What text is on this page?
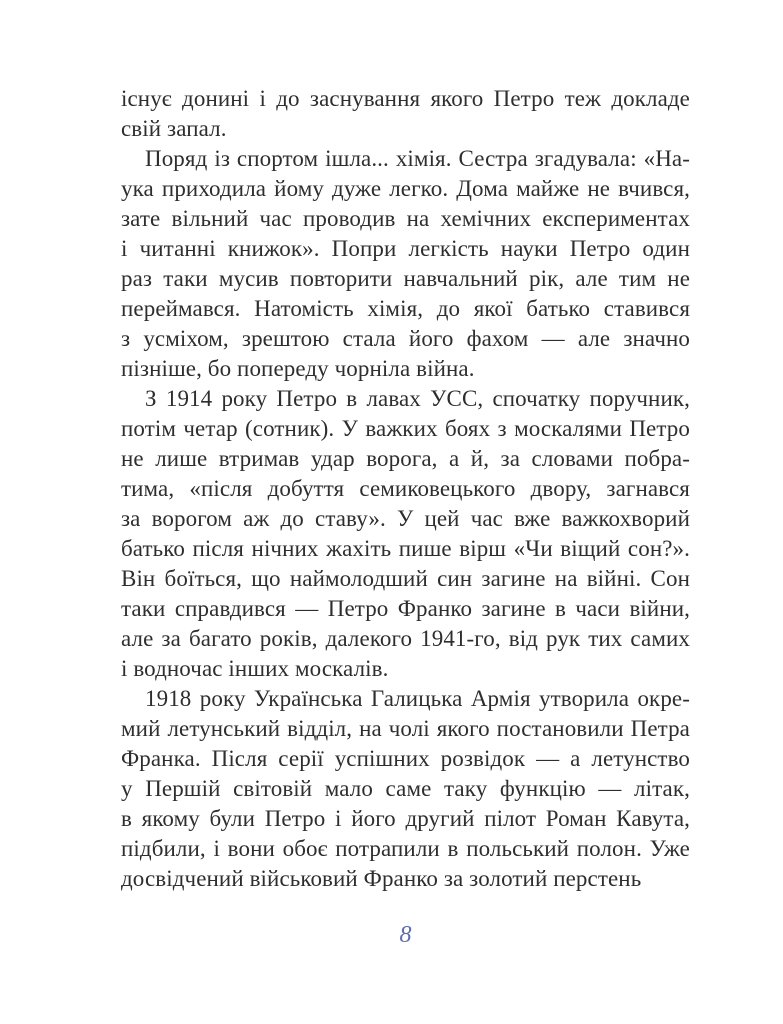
існує донині і до заснування якого Петро теж докладе
свій запал.
Поряд із спортом ішла... хімія. Сестра згадувала: «На-
ука приходила йому дуже легко. Дома майже не вчився,
зате вільний час проводив на хемічних експериментах
і читанні книжок». Попри легкість науки Петро один
раз таки мусив повторити навчальний рік, але тим не
переймався. Натомість хімія, до якої батько ставився
з усміхом, зрештою стала його фахом — але значно
пізніше, бо попереду чорніла війна.
З 1914 року Петро в лавах УСС, спочатку поручник,
потім четар (сотник). У важких боях з москалями Петро
не лише втримав удар ворога, а й, за словами побра-
тима, «після добуття семиковецького двору, загнався
за ворогом аж до ставу». У цей час вже важкохворий
батько після нічних жахіть пише вірш «Чи віщий сон?».
Він боїться, що наймолодший син загине на війні. Сон
таки справдився — Петро Франко загине в часи війни,
але за багато років, далекого 1941-го, від рук тих самих
і водночас інших москалів.
1918 року Українська Галицька Армія утворила окре-
мий летунський відділ, на чолі якого постановили Петра
Франка. Після серії успішних розвідок — а летунство
у Першій світовій мало саме таку функцію — літак,
в якому були Петро і його другий пілот Роман Кавута,
підбили, і вони обоє потрапили в польський полон. Уже
досвідчений військовий Франко за золотий перстень
8
